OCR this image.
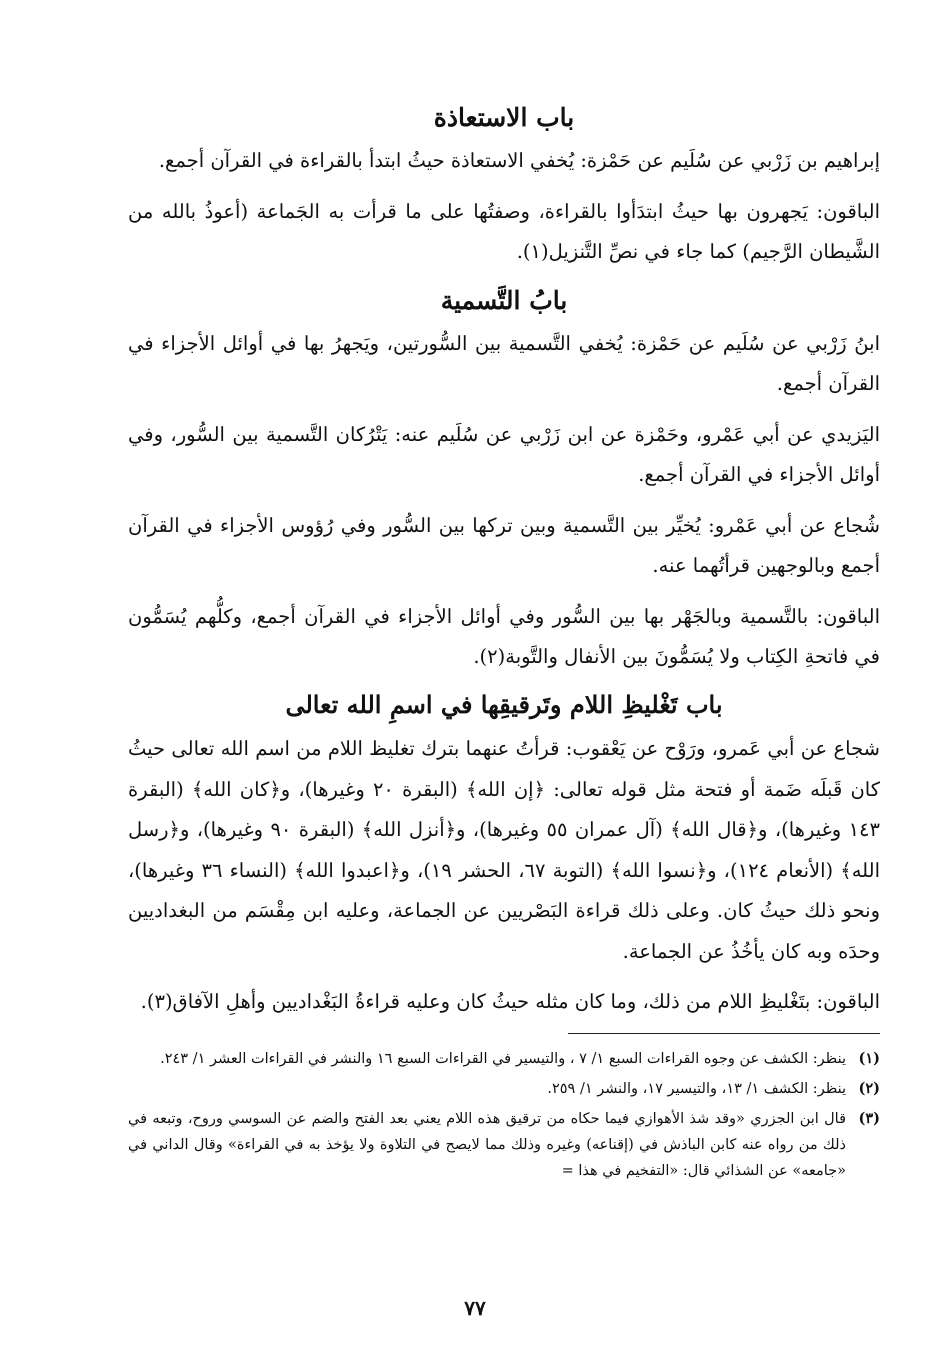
باب الاستعاذة

إبراهيم بن زَرْبي عن سُلَيم عن حَمْزة: يُخفي الاستعاذة حيثُ ابتدأ بالقراءة في القرآن أجمع.

الباقون: يَجهرون بها حيثُ ابتدَأوا بالقراءة، وصفتُها على ما قرأت به الجَماعة (أعوذُ بالله من الشَّيطان الرَّجيم) كما جاء في نصِّ التَّنزيل(١).

بابُ التَّسمية

ابنُ زَرْبي عن سُلَيم عن حَمْزة: يُخفي التَّسمية بين السُّورتين، ويَجهرُ بها في أوائل الأجزاء في القرآن أجمع.

اليَزيدي عن أبي عَمْرو، وحَمْزة عن ابن زَرْبي عن سُلَيم عنه: يَتْرُكان التَّسمية بين السُّور، وفي أوائل الأجزاء في القرآن أجمع.

شُجاع عن أبي عَمْرو: يُخيِّر بين التَّسمية وبين تركها بين السُّور وفي رُؤوس الأجزاء في القرآن أجمع وبالوجهين قرأتُهما عنه.

الباقون: بالتَّسمية وبالجَهْر بها بين السُّور وفي أوائل الأجزاء في القرآن أجمع، وكلُّهم يُسَمُّون في فاتحةِ الكِتاب ولا يُسَمُّونَ بين الأنفال والتَّوبة(٢).

باب تَغْليظِ اللام وتَرقيقِها في اسمِ الله تعالى

شجاع عن أبي عَمرو، ورَوْح عن يَعْقوب: قرأتُ عنهما بترك تغليظ اللام من اسم الله تعالى حيثُ كان قَبلَه ضَمة أو فتحة مثل قوله تعالى: ﴿إن الله﴾ (البقرة ٢٠ وغيرها)، و﴿كان الله﴾ (البقرة ١٤٣ وغيرها)، و﴿قال الله﴾ (آل عمران ٥٥ وغيرها)، و﴿أنزل الله﴾ (البقرة ٩٠ وغيرها)، و﴿رسل الله﴾ (الأنعام ١٢٤)، و﴿نسوا الله﴾ (التوبة ٦٧، الحشر ١٩)، و﴿اعبدوا الله﴾ (النساء ٣٦ وغيرها)، ونحو ذلك حيثُ كان. وعلى ذلك قراءة البَصْريين عن الجماعة، وعليه ابن مِقْسَم من البغداديين وحدَه وبه كان يأخُذُ عن الجماعة.

الباقون: بتَغْليظِ اللام من ذلك، وما كان مثله حيثُ كان وعليه قراءةُ البَغْداديين وأهلِ الآفاق(٣).

(١)
ينظر: الكشف عن وجوه القراءات السبع ١/ ٧ ، والتيسير في القراءات السبع ١٦ والنشر في القراءات العشر ١/ ٢٤٣.
(٢)
ينظر: الكشف ١/ ١٣، والتيسير ١٧، والنشر ١/ ٢٥٩.
(٣)
قال ابن الجزري «وقد شذ الأهوازي فيما حكاه من ترقيق هذه اللام يعني بعد الفتح والضم عن السوسي وروح، وتبعه في ذلك من رواه عنه كابن الباذش في (إقناعه) وغيره وذلك مما لايصح في التلاوة ولا يؤخذ به في القراءة» وقال الداني في «جامعه» عن الشذائي قال: «التفخيم في هذا =
٧٧
